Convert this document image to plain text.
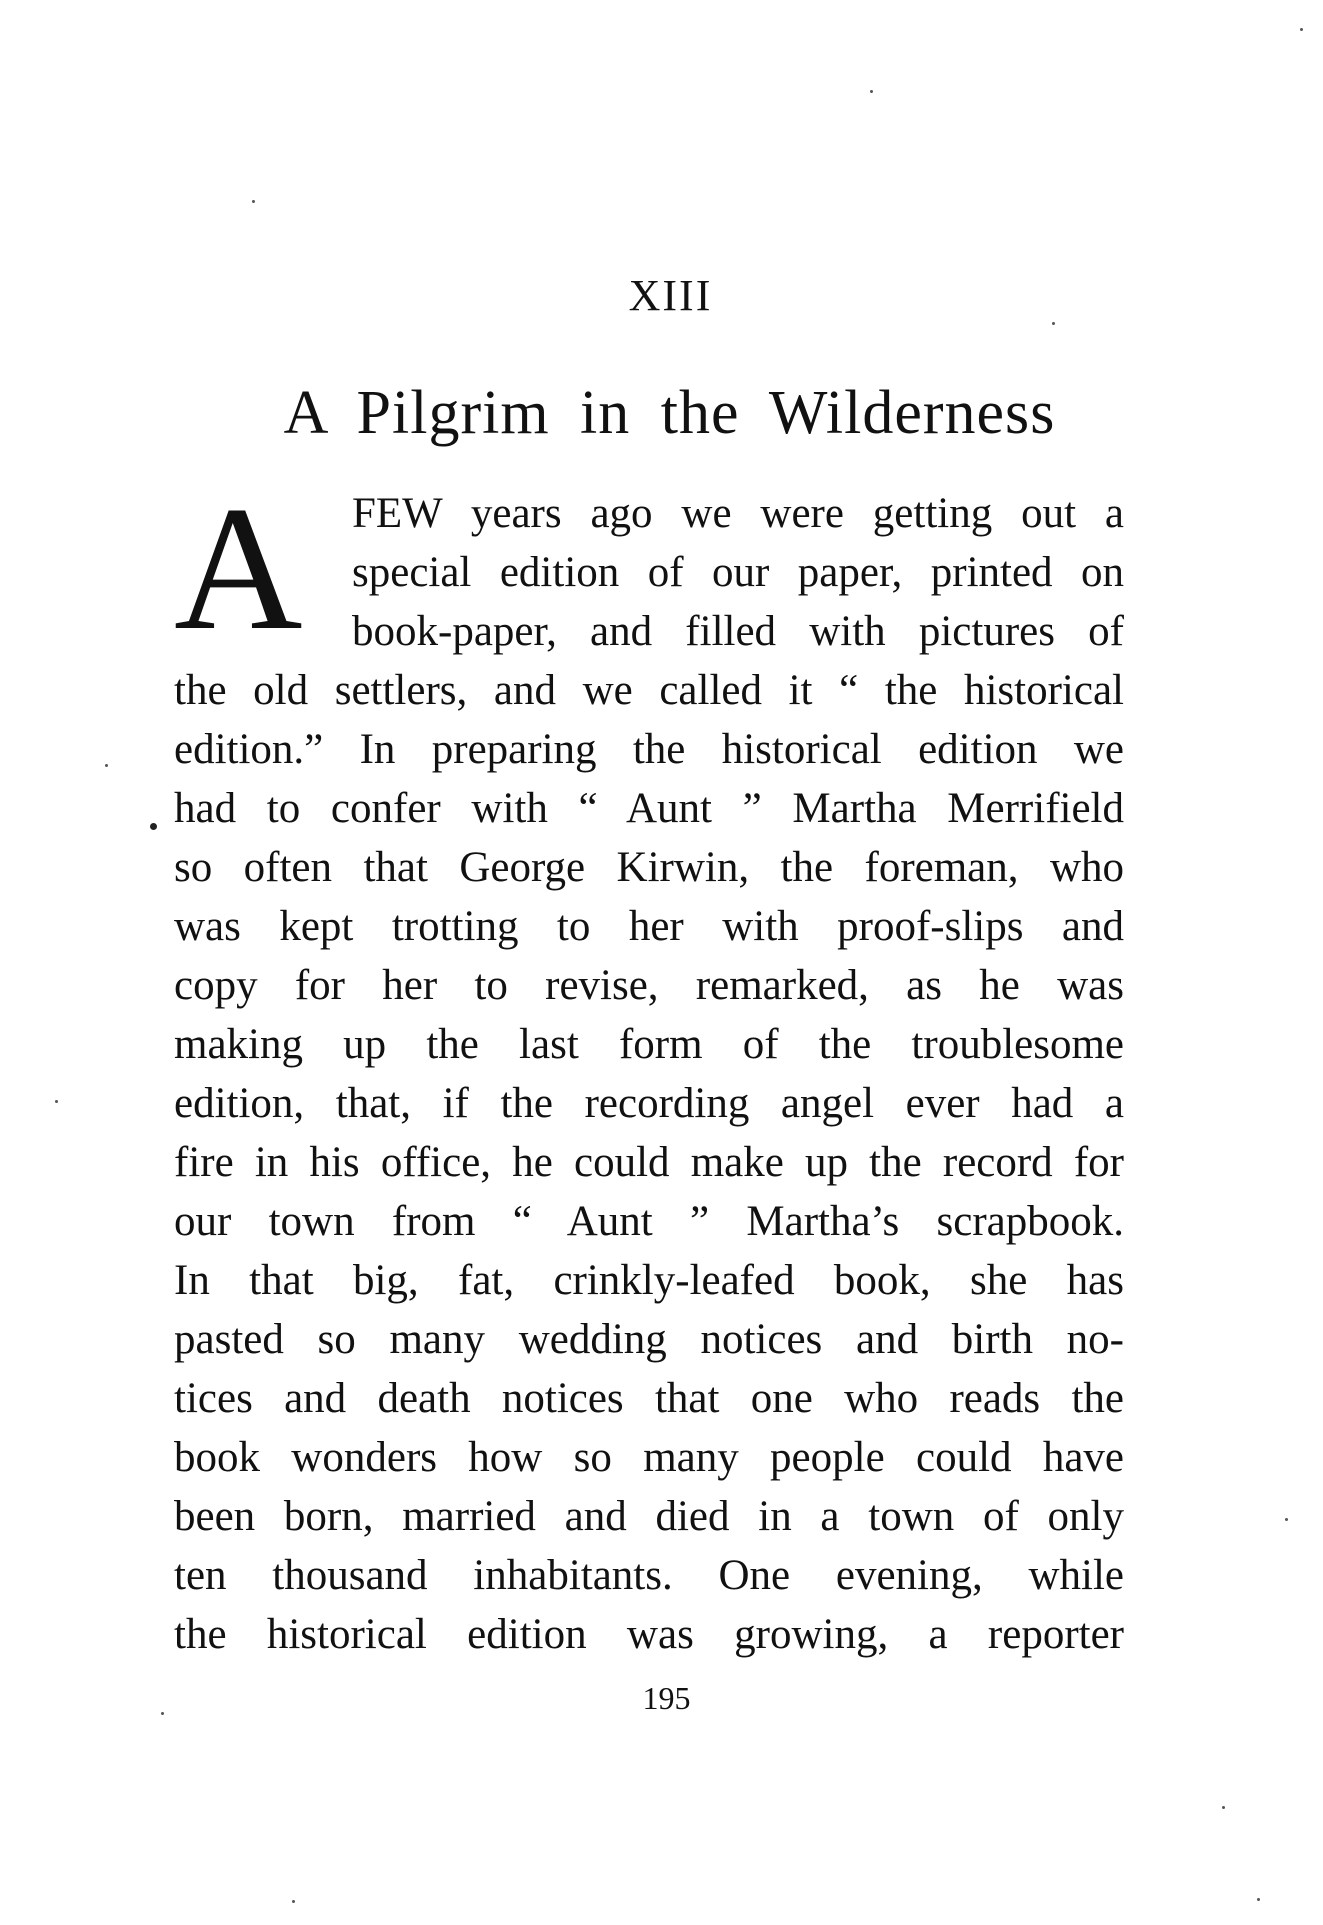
XIII
A Pilgrim in the Wilderness
A FEW years ago we were getting out a
special edition of our paper, printed on
book-paper, and filled with pictures of
the old settlers, and we called it “ the historical
edition.” In preparing the historical edition we
had to confer with “ Aunt ” Martha Merrifield
so often that George Kirwin, the foreman, who
was kept trotting to her with proof-slips and
copy for her to revise, remarked, as he was
making up the last form of the troublesome
edition, that, if the recording angel ever had a
fire in his office, he could make up the record for
our town from “ Aunt ” Martha’s scrapbook.
In that big, fat, crinkly-leafed book, she has
pasted so many wedding notices and birth no-
tices and death notices that one who reads the
book wonders how so many people could have
been born, married and died in a town of only
ten thousand inhabitants. One evening, while
the historical edition was growing, a reporter
195
